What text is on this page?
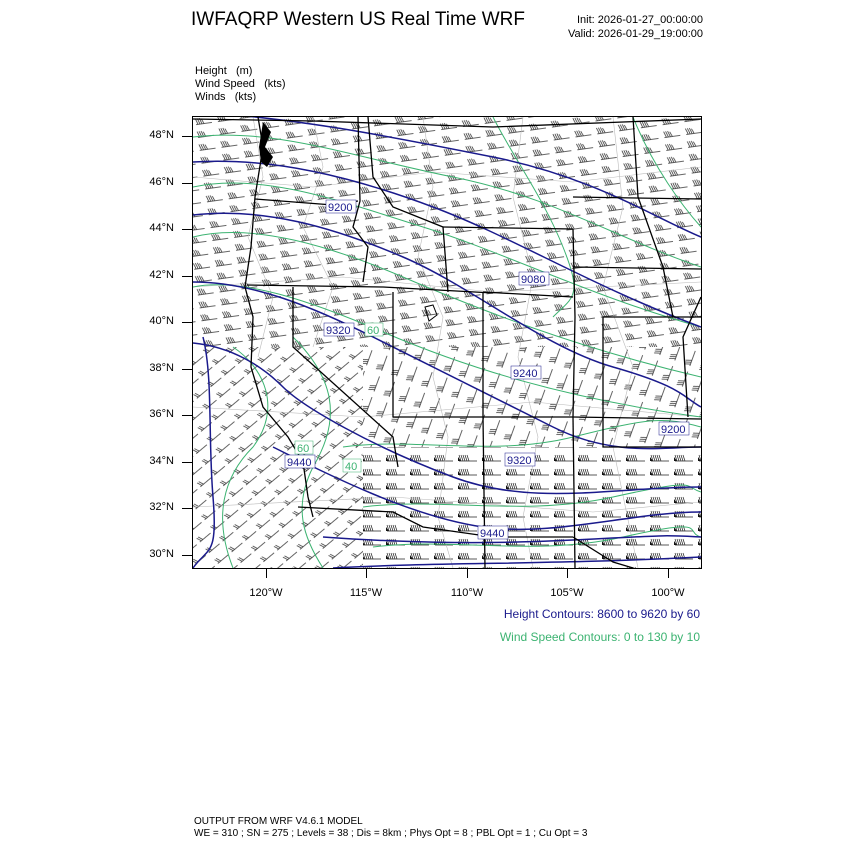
IWFAQRP Western US Real Time WRF	Init: 2026-01-27_00:00:00
Valid: 2026-01-29_19:00:00
Height   (m)
Wind Speed   (kts)
Winds   (kts)
48°N
46°N
44°N
42°N
40°N
38°N
36°N
34°N
32°N
30°N
120°W	115°W	110°W	105°W	100°W
9200
9080
9320
9240
9440	9320
9440
9200
60
60
40
Height Contours: 8600 to 9620 by 60
Wind Speed Contours: 0 to 130 by 10
OUTPUT FROM WRF V4.6.1 MODEL
WE = 310 ; SN = 275 ; Levels = 38 ; Dis = 8km ; Phys Opt = 8 ; PBL Opt = 1 ; Cu Opt = 3
